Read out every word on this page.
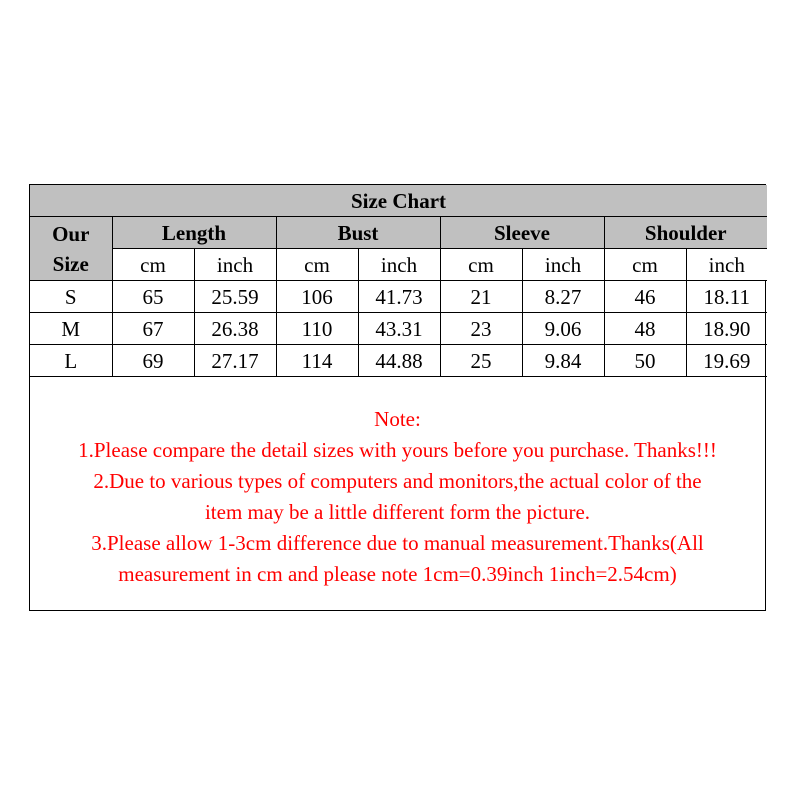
Size Chart								

Our
Size	Length		Bust		Sleeve		Shoulder	
	cm	inch	cm	inch	cm	inch	cm	inch
S	65	25.59	106	41.73	21	8.27	46	18.11
M	67	26.38	110	43.31	23	9.06	48	18.90
L	69	27.17	114	44.88	25	9.84	50	19.69
Note:
1.Please compare the detail sizes with yours before you purchase. Thanks!!!
2.Due to various types of computers and monitors,the actual color of the
item may be a little different form the picture.
3.Please allow 1-3cm difference due to manual measurement.Thanks(All
measurement in cm and please note 1cm=0.39inch 1inch=2.54cm)
